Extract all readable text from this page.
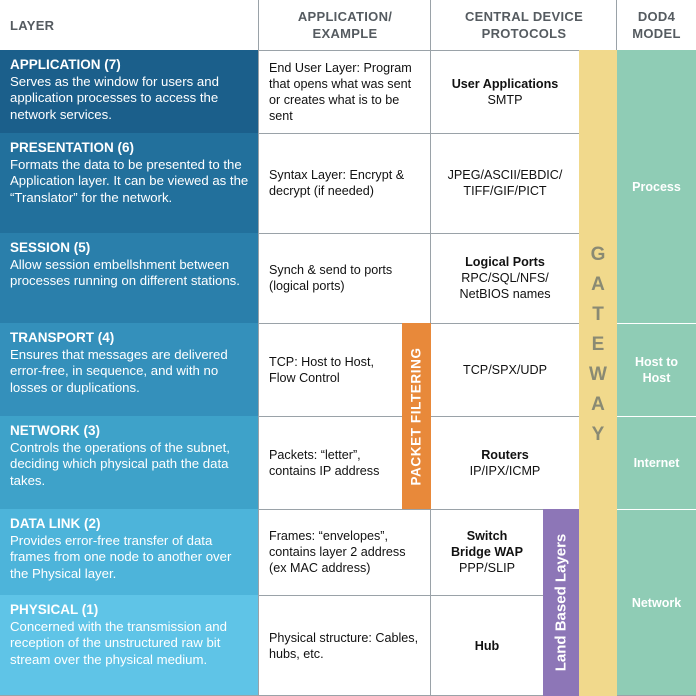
LAYER
APPLICATION/
EXAMPLE
CENTRAL DEVICE
PROTOCOLS
DOD4
MODEL
APPLICATION (7)
Serves as the window for users and application processes to access the network services.
PRESENTATION (6)
Formats the data to be presented to the Application layer. It can be viewed as the “Translator” for the network.
SESSION (5)
Allow session embellshment between processes running on different stations.
TRANSPORT (4)
Ensures that messages are delivered error-free, in sequence, and with no losses or duplications.
NETWORK (3)
Controls the operations of the subnet, deciding which physical path the data takes.
DATA LINK (2)
Provides error-free transfer of data frames from one node to another over the Physical layer.
PHYSICAL (1)
Concerned with the transmission and reception of the unstructured raw bit stream over the physical medium.
End User Layer: Program that opens what was sent or creates what is to be sent
Syntax Layer: Encrypt & decrypt (if needed)
Synch & send to ports (logical ports)
TCP: Host to Host, Flow Control
Packets: “letter”, contains IP address
Frames: “envelopes”, contains layer 2 address (ex MAC address)
Physical structure: Cables, hubs, etc.
User Applications
SMTP
JPEG/ASCII/EBDIC/ TIFF/GIF/PICT
Logical Ports
RPC/SQL/NFS/ NetBIOS names
TCP/SPX/UDP
Routers
IP/IPX/ICMP
Switch Bridge WAP
PPP/SLIP
Hub
Process
Host to Host
Internet
Network
PACKET FILTERING
G
A
T
E
W
A
Y
Land Based Layers
